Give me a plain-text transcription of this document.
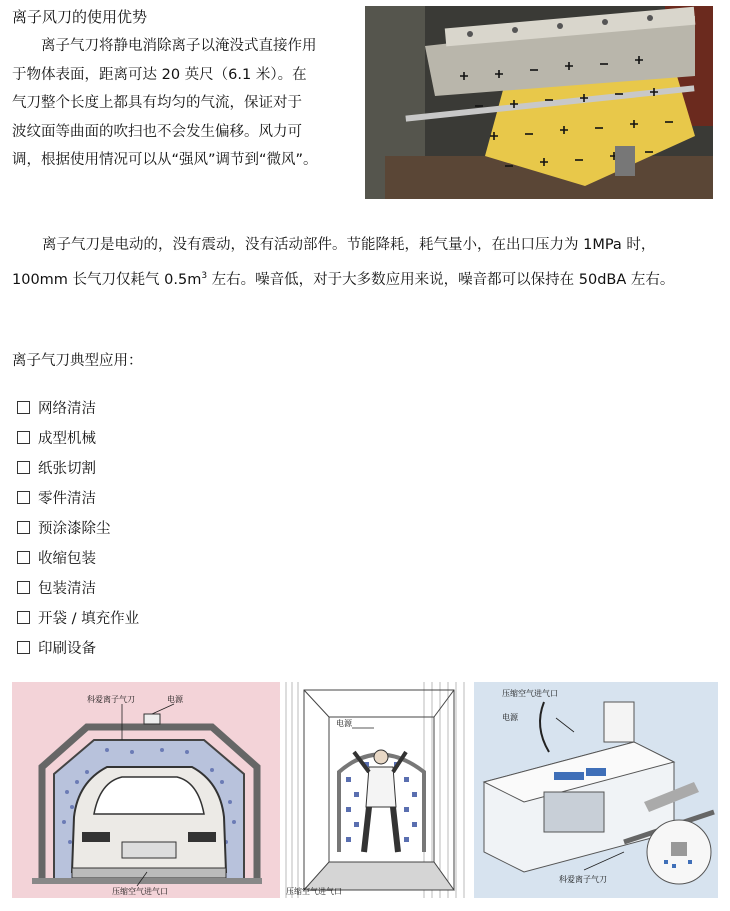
离子风刀的使用优势

离子气刀将静电消除离子以淹没式直接作用

于物体表面，距离可达 20 英尺（6.1 米）。在

气刀整个长度上都具有均匀的气流，保证对于

波纹面等曲面的吹扫也不会发生偏移。风力可

调，根据使用情况可以从“强风”调节到“微风”。

离子气刀是电动的，没有震动，没有活动部件。节能降耗，耗气量小，在出口压力为 1MPa 时，

100mm 长气刀仅耗气 $0.5m^3$ 左右。噪音低，对于大多数应用来说，噪音都可以保持在 50dBA 左右。

离子气刀典型应用：
网络清洁
成型机械
纸张切割
零件清洁
预涂漆除尘
收缩包装
包装清洁
开袋 / 填充作业
印刷设备
科爱离子气刀	电源
压缩空气进气口
电源
压缩空气进气口
压缩空气进气口
电源
科爱离子气刀
